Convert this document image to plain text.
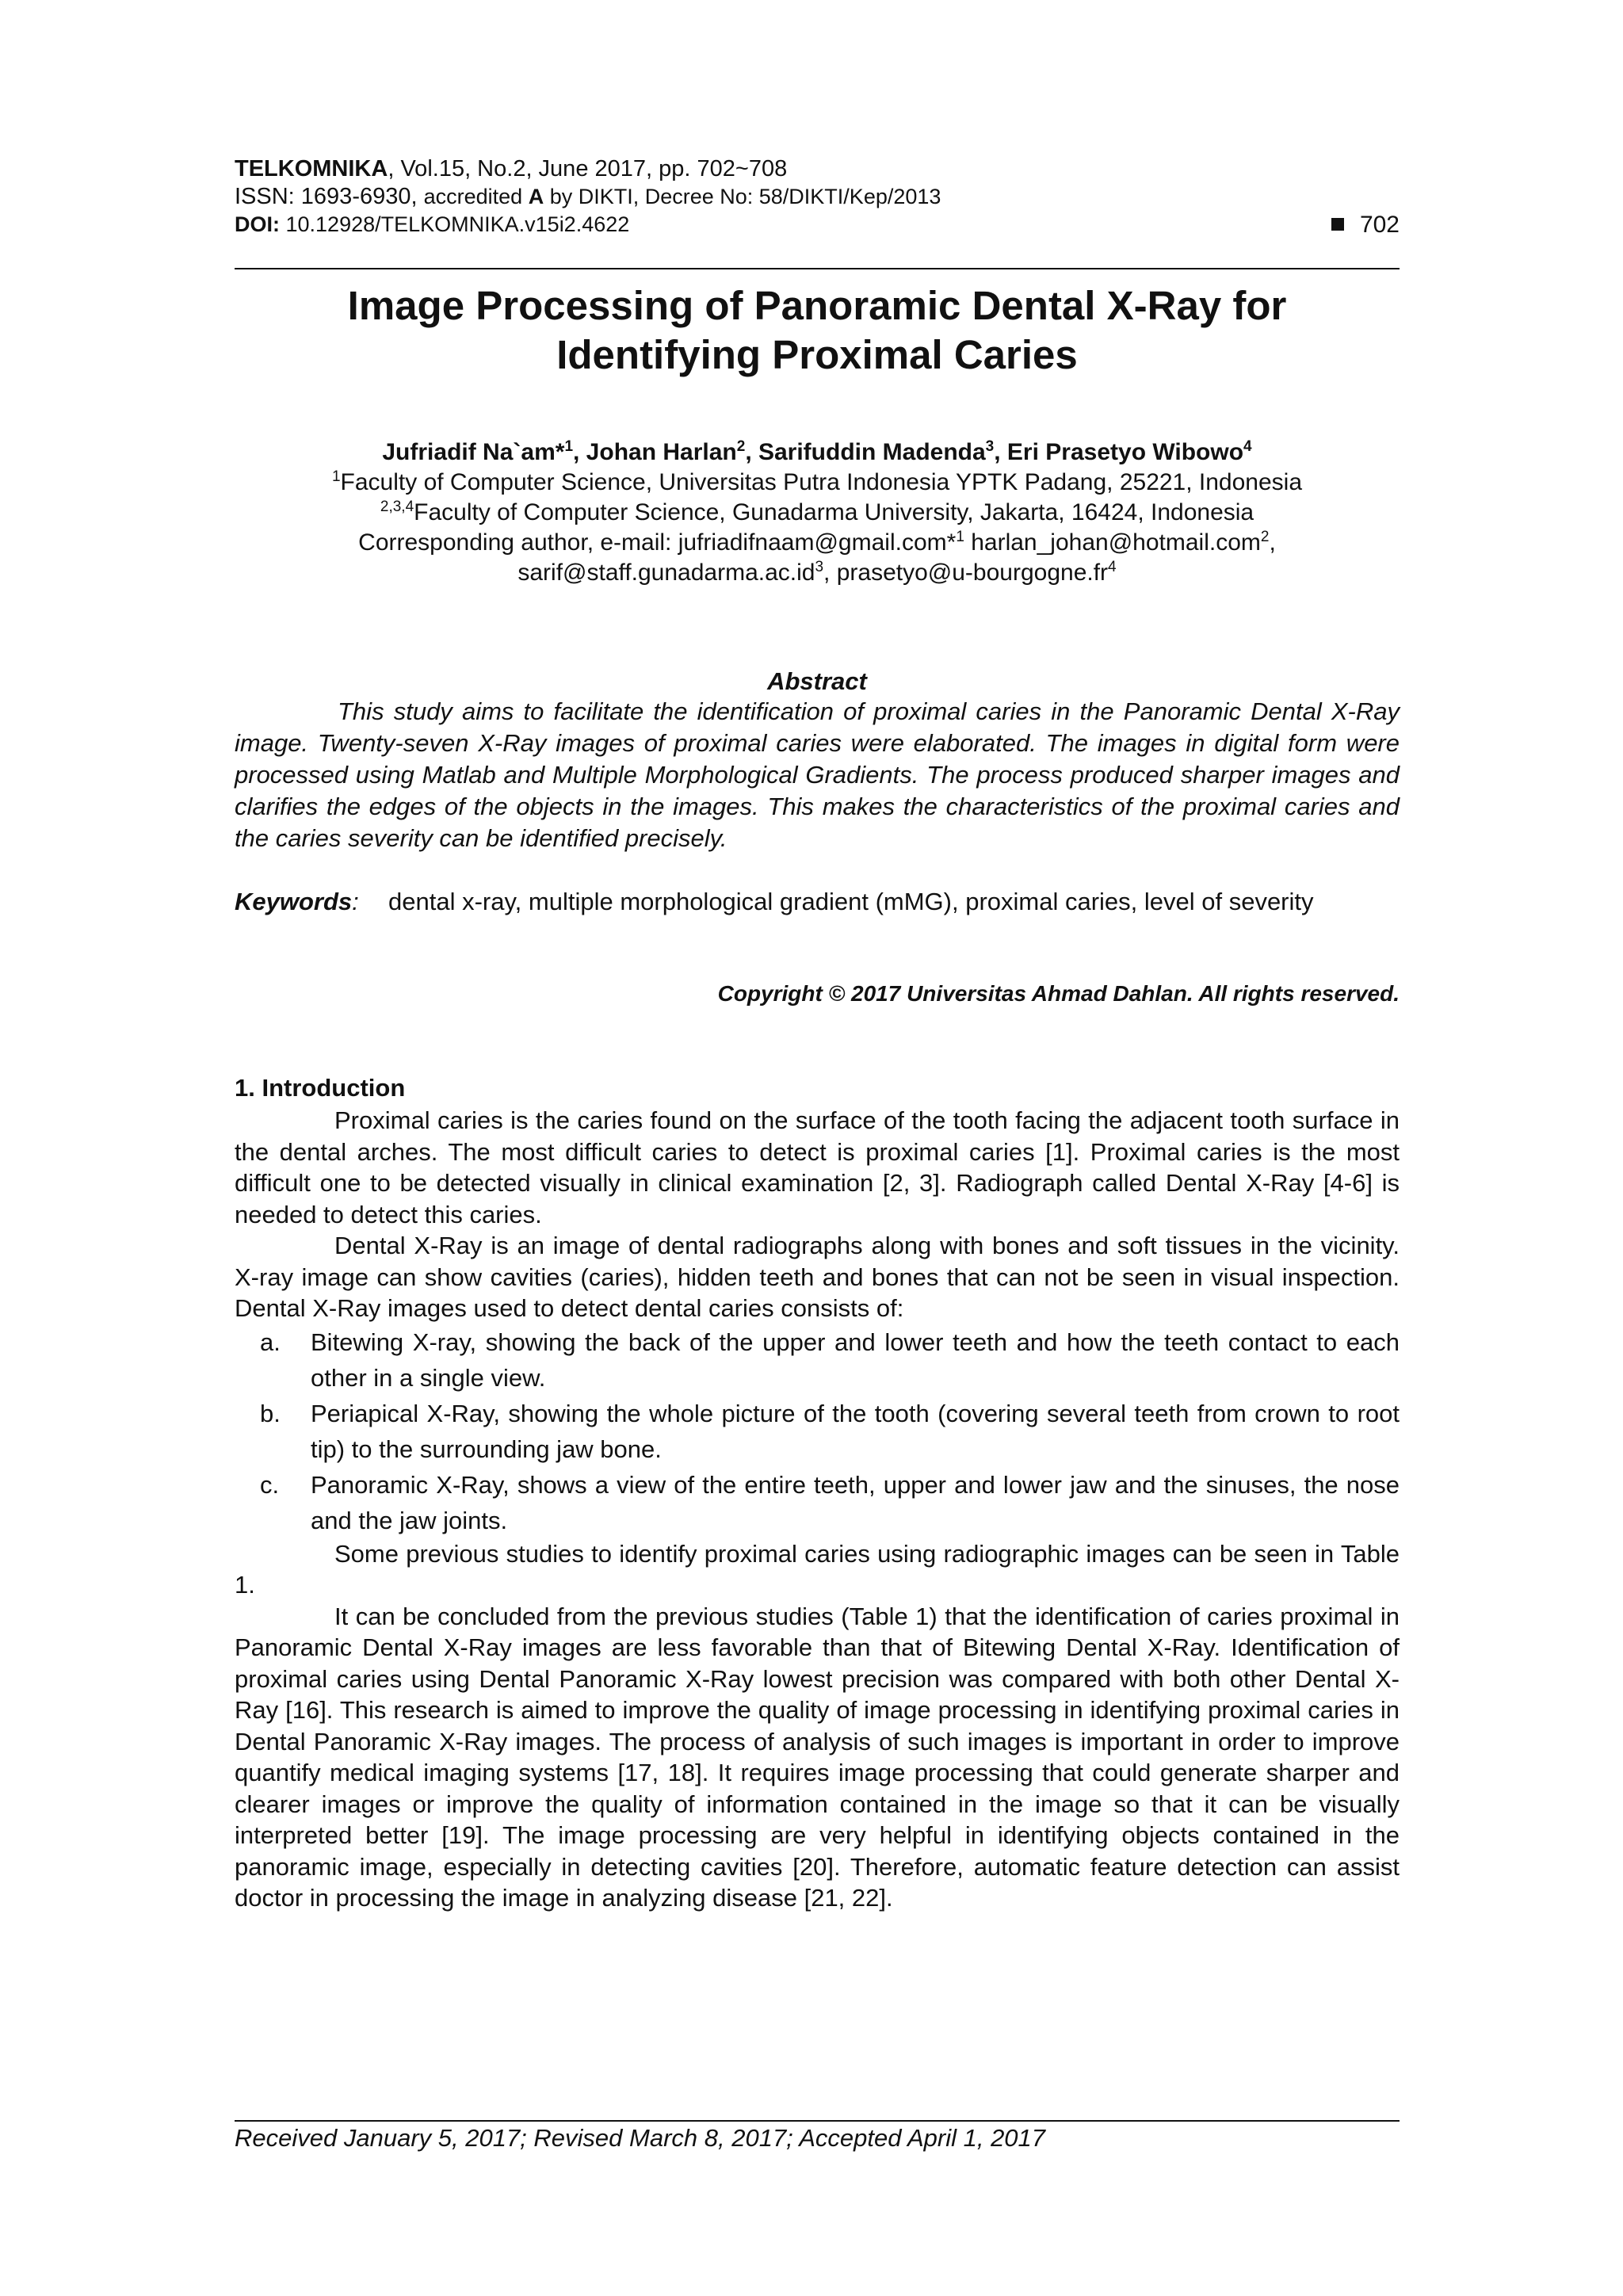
TELKOMNIKA, Vol.15, No.2, June 2017, pp. 702~708
ISSN: 1693-6930, accredited A by DIKTI, Decree No: 58/DIKTI/Kep/2013
DOI: 10.12928/TELKOMNIKA.v15i2.4622	702
Image Processing of Panoramic Dental X-Ray for
Identifying Proximal Caries
Jufriadif Na`am*$^1$, Johan Harlan$^2$, Sarifuddin Madenda$^3$, Eri Prasetyo Wibowo$^4$
$^1$Faculty of Computer Science, Universitas Putra Indonesia YPTK Padang, 25221, Indonesia
$^{2,3,4}$Faculty of Computer Science, Gunadarma University, Jakarta, 16424, Indonesia
Corresponding author, e-mail: jufriadifnaam@gmail.com*$^1$ harlan_johan@hotmail.com$^2$,
$sarif@staff.gunadarma.ac.id^3$, $prasetyo@u-bourgogne.fr^4$
Abstract
This study aims to facilitate the identification of proximal caries in the Panoramic Dental X-Ray image. Twenty-seven X-Ray images of proximal caries were elaborated. The images in digital form were processed using Matlab and Multiple Morphological Gradients. The process produced sharper images and clarifies the edges of the objects in the images. This makes the characteristics of the proximal caries and the caries severity can be identified precisely.
Keywords: dental x-ray, multiple morphological gradient (mMG), proximal caries, level of severity
Copyright © 2017 Universitas Ahmad Dahlan. All rights reserved.
1. Introduction

Proximal caries is the caries found on the surface of the tooth facing the adjacent tooth surface in the dental arches. The most difficult caries to detect is proximal caries [1]. Proximal caries is the most difficult one to be detected visually in clinical examination [2, 3]. Radiograph called Dental X-Ray [4-6] is needed to detect this caries.

Dental X-Ray is an image of dental radiographs along with bones and soft tissues in the vicinity. X-ray image can show cavities (caries), hidden teeth and bones that can not be seen in visual inspection. Dental X-Ray images used to detect dental caries consists of:

a. Bitewing X-ray, showing the back of the upper and lower teeth and how the teeth contact to each other in a single view.
b. Periapical X-Ray, showing the whole picture of the tooth (covering several teeth from crown to root tip) to the surrounding jaw bone.
c. Panoramic X-Ray, shows a view of the entire teeth, upper and lower jaw and the sinuses, the nose and the jaw joints.

Some previous studies to identify proximal caries using radiographic images can be seen in Table 1.

It can be concluded from the previous studies (Table 1) that the identification of caries proximal in Panoramic Dental X-Ray images are less favorable than that of Bitewing Dental X-Ray. Identification of proximal caries using Dental Panoramic X-Ray lowest precision was compared with both other Dental X-Ray [16]. This research is aimed to improve the quality of image processing in identifying proximal caries in Dental Panoramic X-Ray images. The process of analysis of such images is important in order to improve quantify medical imaging systems [17, 18]. It requires image processing that could generate sharper and clearer images or improve the quality of information contained in the image so that it can be visually interpreted better [19]. The image processing are very helpful in identifying objects contained in the panoramic image, especially in detecting cavities [20]. Therefore, automatic feature detection can assist doctor in processing the image in analyzing disease [21, 22].

Received January 5, 2017; Revised March 8, 2017; Accepted April 1, 2017
